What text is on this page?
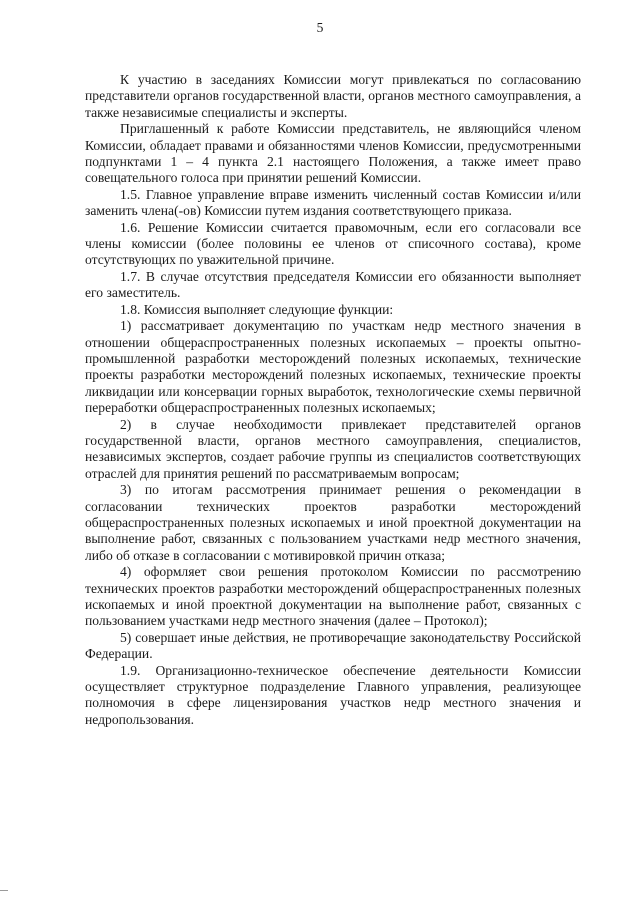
5

К участию в заседаниях Комиссии могут привлекаться по согласованию представители органов государственной власти, органов местного самоуправления, а также независимые специалисты и эксперты.

Приглашенный к работе Комиссии представитель, не являющийся членом Комиссии, обладает правами и обязанностями членов Комиссии, предусмотренными подпунктами 1 – 4 пункта 2.1 настоящего Положения, а также имеет право совещательного голоса при принятии решений Комиссии.

1.5. Главное управление вправе изменить численный состав Комиссии и/или заменить члена(-ов) Комиссии путем издания соответствующего приказа.

1.6. Решение Комиссии считается правомочным, если его согласовали все члены комиссии (более половины ее членов от списочного состава), кроме отсутствующих по уважительной причине.

1.7. В случае отсутствия председателя Комиссии его обязанности выполняет его заместитель.

1.8. Комиссия выполняет следующие функции:

1) рассматривает документацию по участкам недр местного значения в отношении общераспространенных полезных ископаемых – проекты опытно-промышленной разработки месторождений полезных ископаемых, технические проекты разработки месторождений полезных ископаемых, технические проекты ликвидации или консервации горных выработок, технологические схемы первичной переработки общераспространенных полезных ископаемых;

2) в случае необходимости привлекает представителей органов государственной власти, органов местного самоуправления, специалистов, независимых экспертов, создает рабочие группы из специалистов соответствующих отраслей для принятия решений по рассматриваемым вопросам;

3) по итогам рассмотрения принимает решения о рекомендации в согласовании технических проектов разработки месторождений общераспространенных полезных ископаемых и иной проектной документации на выполнение работ, связанных с пользованием участками недр местного значения, либо об отказе в согласовании с мотивировкой причин отказа;

4) оформляет свои решения протоколом Комиссии по рассмотрению технических проектов разработки месторождений общераспространенных полезных ископаемых и иной проектной документации на выполнение работ, связанных с пользованием участками недр местного значения (далее – Протокол);

5) совершает иные действия, не противоречащие законодательству Российской Федерации.

1.9. Организационно-техническое обеспечение деятельности Комиссии осуществляет структурное подразделение Главного управления, реализующее полномочия в сфере лицензирования участков недр местного значения и недропользования.
